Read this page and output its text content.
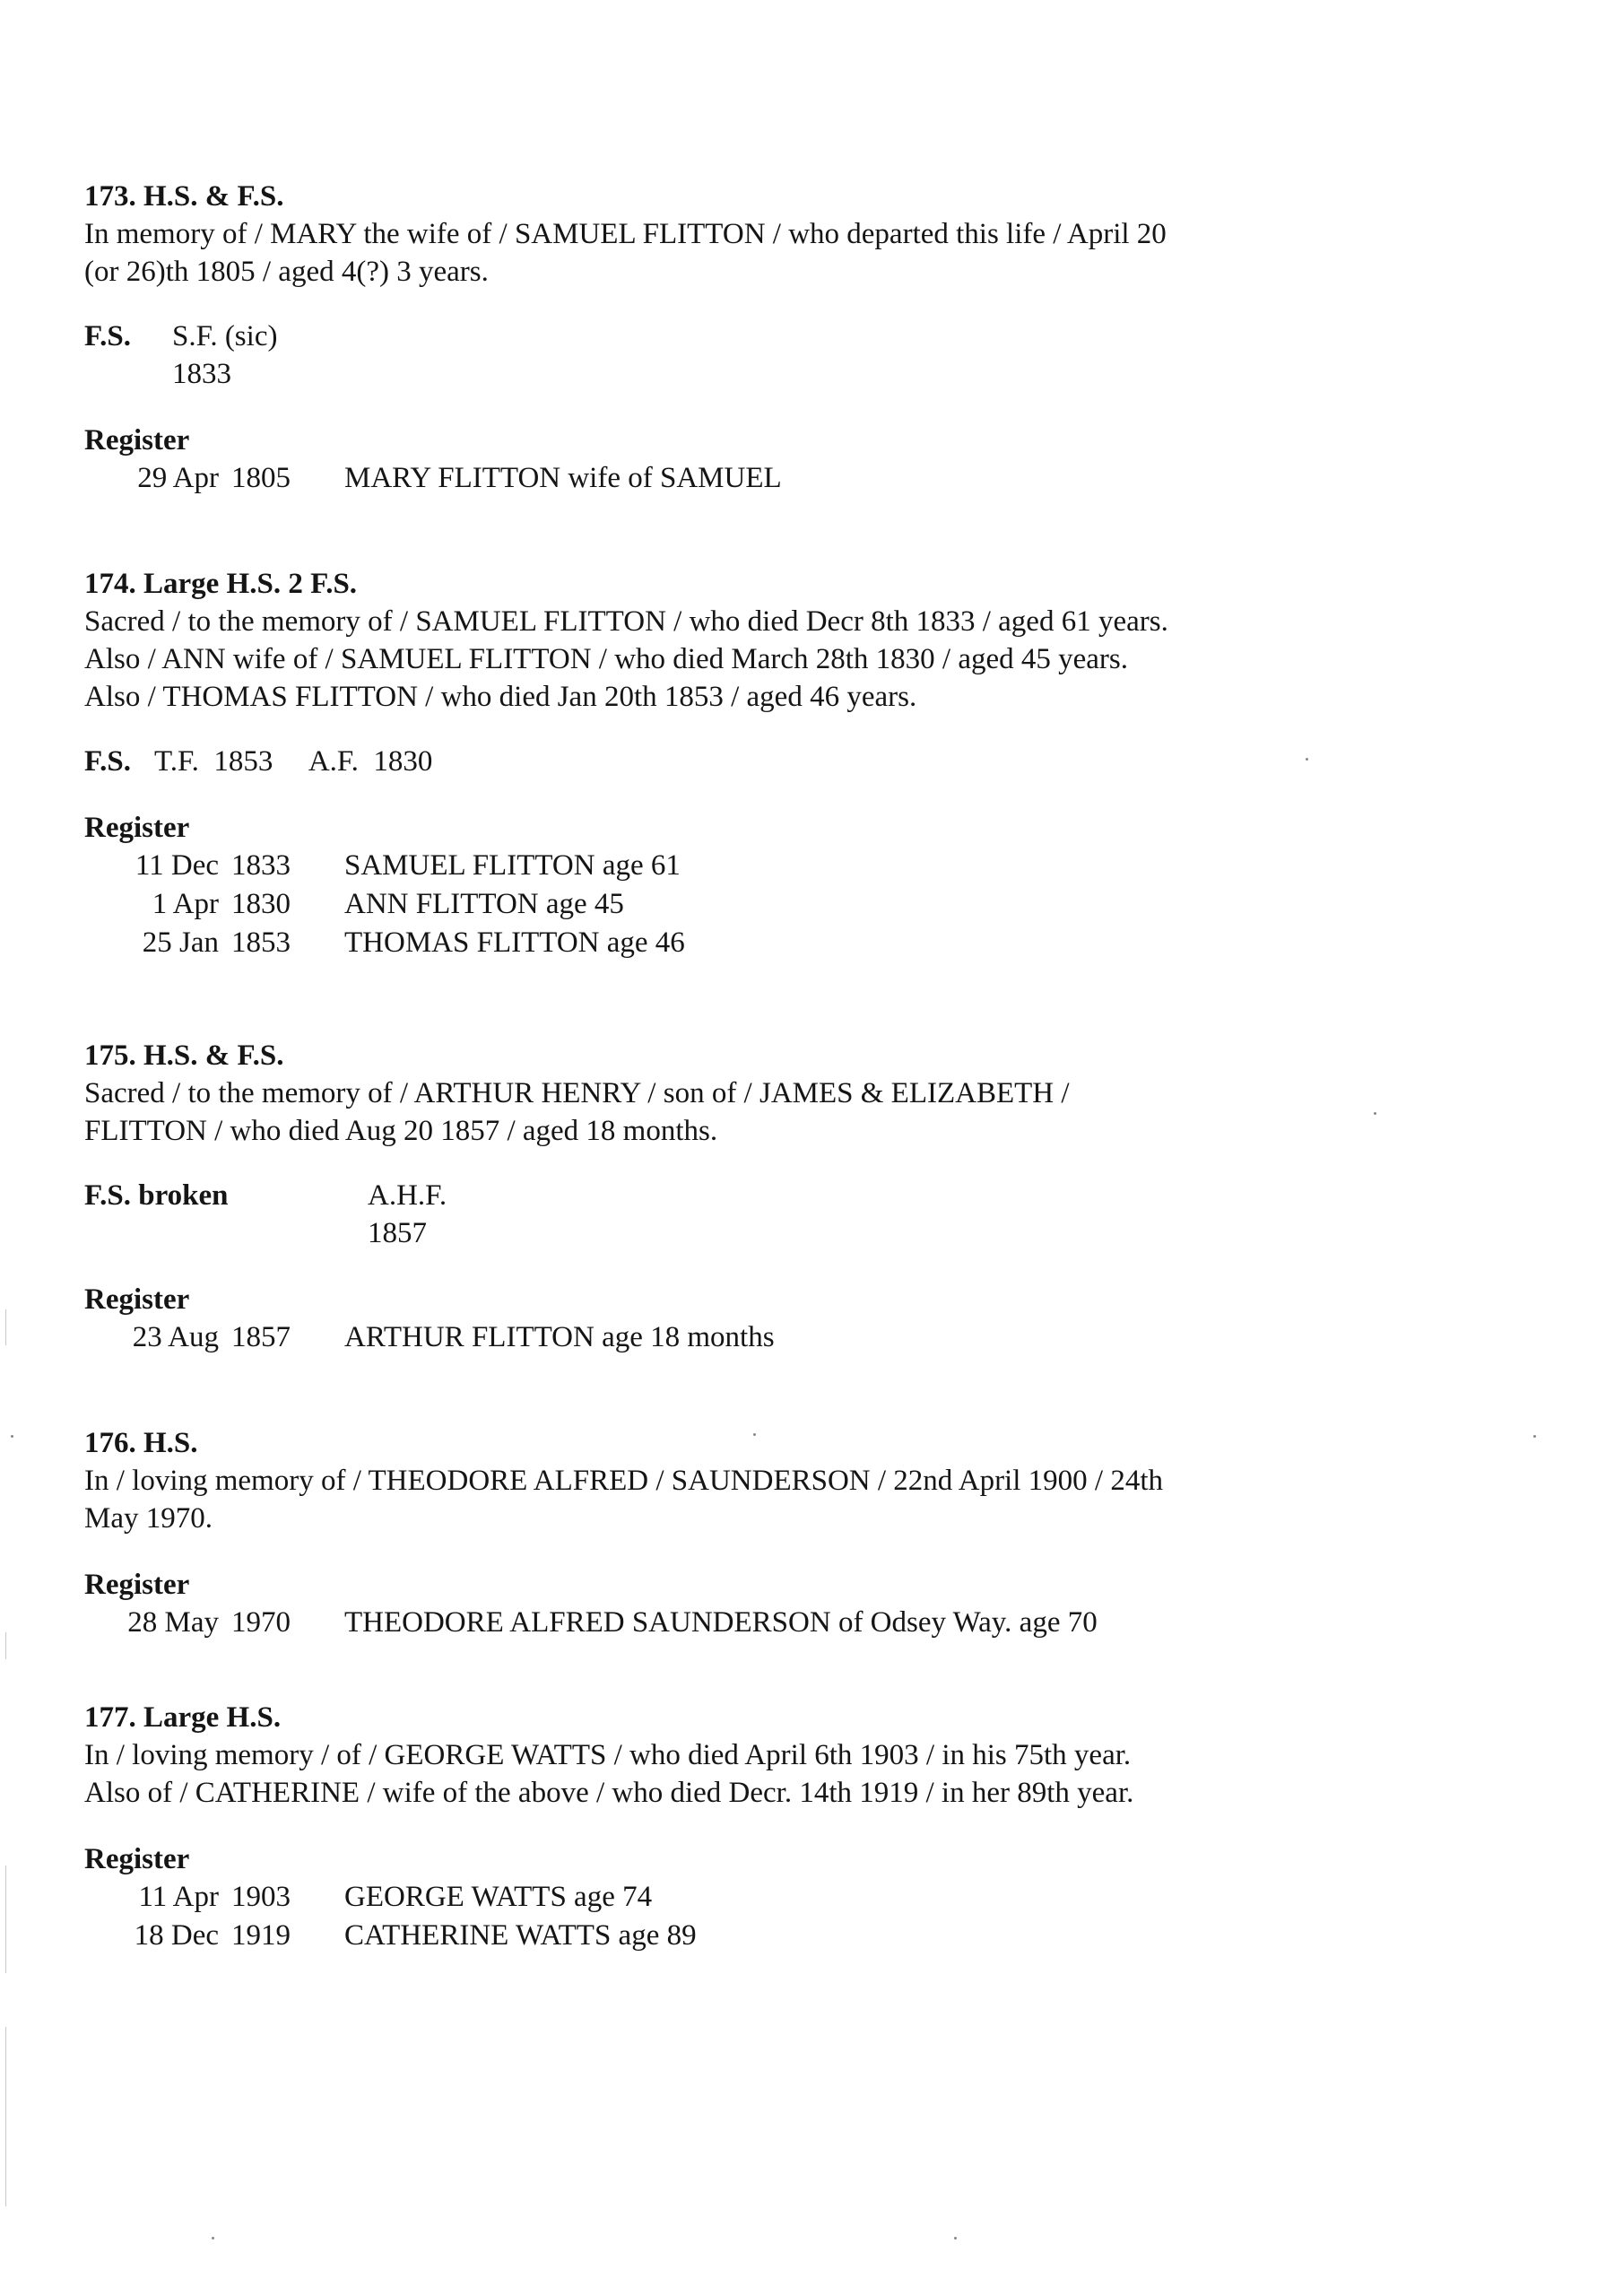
173. H.S. & F.S.

In memory of / MARY the wife of / SAMUEL FLITTON / who departed this life / April 20
(or 26)th 1805 / aged 4(?) 3 years.

F.S.	S.F. (sic)
1833
Register
29 Apr 1805 MARY FLITTON wife of SAMUEL

174. Large H.S. 2 F.S.

Sacred / to the memory of / SAMUEL FLITTON / who died Decr 8th 1833 / aged 61 years.
Also / ANN wife of / SAMUEL FLITTON / who died March 28th 1830 / aged 45 years.
Also / THOMAS FLITTON / who died Jan 20th 1853 / aged 46 years.

F.S. T.F.  1853     A.F.  1830
Register
11 Dec 1833 SAMUEL FLITTON age 61
1 Apr 1830 ANN FLITTON age 45
25 Jan 1853 THOMAS FLITTON age 46

175. H.S. & F.S.

Sacred / to the memory of / ARTHUR HENRY / son of / JAMES & ELIZABETH /
FLITTON / who died Aug 20 1857 / aged 18 months.

F.S. broken	A.H.F.
1857
Register
23 Aug 1857 ARTHUR FLITTON age 18 months

176. H.S.

In / loving memory of / THEODORE ALFRED / SAUNDERSON / 22nd April 1900 / 24th
May 1970.

Register
28 May 1970 THEODORE ALFRED SAUNDERSON of Odsey Way. age 70

177. Large H.S.

In / loving memory / of / GEORGE WATTS / who died April 6th 1903 / in his 75th year.
Also of / CATHERINE / wife of the above / who died Decr. 14th 1919 / in her 89th year.

Register
11 Apr 1903 GEORGE WATTS age 74
18 Dec 1919 CATHERINE WATTS age 89
